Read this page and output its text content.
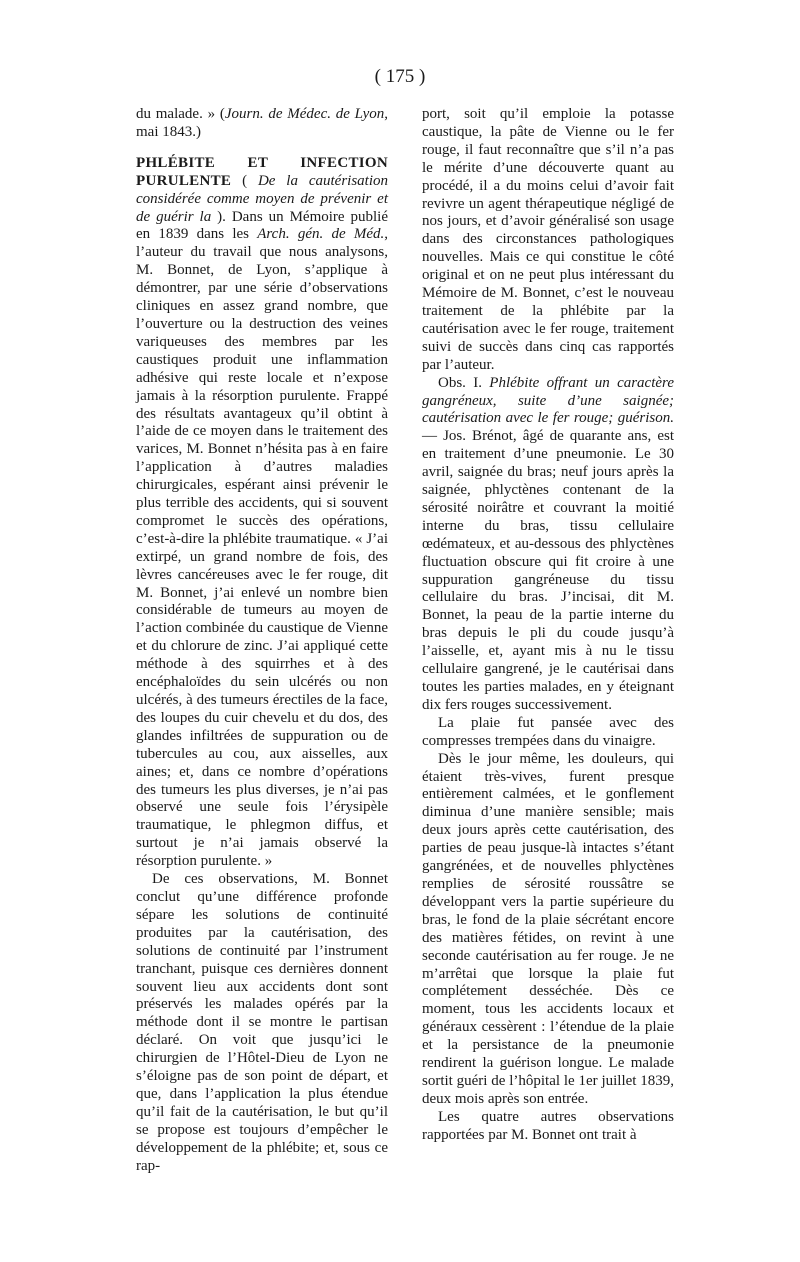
( 175 )

du malade. » (Journ. de Médec. de Lyon, mai 1843.)

PHLÉBITE ET INFECTION PURULENTE ( De la cautérisation considérée comme moyen de prévenir et de guérir la ). Dans un Mémoire publié en 1839 dans les Arch. gén. de Méd., l’auteur du travail que nous analysons, M. Bonnet, de Lyon, s’applique à démontrer, par une série d’observations cliniques en assez grand nombre, que l’ouverture ou la destruction des veines variqueuses des membres par les caustiques produit une inflammation adhésive qui reste locale et n’expose jamais à la résorption purulente. Frappé des résultats avantageux qu’il obtint à l’aide de ce moyen dans le traitement des varices, M. Bonnet n’hésita pas à en faire l’application à d’autres maladies chirurgicales, espérant ainsi prévenir le plus terrible des accidents, qui si souvent compromet le succès des opérations, c’est-à-dire la phlébite traumatique. « J’ai extirpé, un grand nombre de fois, des lèvres cancéreuses avec le fer rouge, dit M. Bonnet, j’ai enlevé un nombre bien considérable de tumeurs au moyen de l’action combinée du caustique de Vienne et du chlorure de zinc. J’ai appliqué cette méthode à des squirrhes et à des encéphaloïdes du sein ulcérés ou non ulcérés, à des tumeurs érectiles de la face, des loupes du cuir chevelu et du dos, des glandes infiltrées de suppuration ou de tubercules au cou, aux aisselles, aux aines; et, dans ce nombre d’opérations des tumeurs les plus diverses, je n’ai pas observé une seule fois l’érysipèle traumatique, le phlegmon diffus, et surtout je n’ai jamais observé la résorption purulente. »

De ces observations, M. Bonnet conclut qu’une différence profonde sépare les solutions de continuité produites par la cautérisation, des solutions de continuité par l’instrument tranchant, puisque ces dernières donnent souvent lieu aux accidents dont sont préservés les malades opérés par la méthode dont il se montre le partisan déclaré. On voit que jusqu’ici le chirurgien de l’Hôtel-Dieu de Lyon ne s’éloigne pas de son point de départ, et que, dans l’application la plus étendue qu’il fait de la cautérisation, le but qu’il se propose est toujours d’empêcher le développement de la phlébite; et, sous ce rap-

port, soit qu’il emploie la potasse caustique, la pâte de Vienne ou le fer rouge, il faut reconnaître que s’il n’a pas le mérite d’une découverte quant au procédé, il a du moins celui d’avoir fait revivre un agent thérapeutique négligé de nos jours, et d’avoir généralisé son usage dans des circonstances pathologiques nouvelles. Mais ce qui constitue le côté original et on ne peut plus intéressant du Mémoire de M. Bonnet, c’est le nouveau traitement de la phlébite par la cautérisation avec le fer rouge, traitement suivi de succès dans cinq cas rapportés par l’auteur.

Obs. I. Phlébite offrant un caractère gangréneux, suite d’une saignée; cautérisation avec le fer rouge; guérison. — Jos. Brénot, âgé de quarante ans, est en traitement d’une pneumonie. Le 30 avril, saignée du bras; neuf jours après la saignée, phlyctènes contenant de la sérosité noirâtre et couvrant la moitié interne du bras, tissu cellulaire œdémateux, et au-dessous des phlyctènes fluctuation obscure qui fit croire à une suppuration gangréneuse du tissu cellulaire du bras. J’incisai, dit M. Bonnet, la peau de la partie interne du bras depuis le pli du coude jusqu’à l’aisselle, et, ayant mis à nu le tissu cellulaire gangrené, je le cautérisai dans toutes les parties malades, en y éteignant dix fers rouges successivement.

La plaie fut pansée avec des compresses trempées dans du vinaigre.

Dès le jour même, les douleurs, qui étaient très-vives, furent presque entièrement calmées, et le gonflement diminua d’une manière sensible; mais deux jours après cette cautérisation, des parties de peau jusque-là intactes s’étant gangrénées, et de nouvelles phlyctènes remplies de sérosité roussâtre se développant vers la partie supérieure du bras, le fond de la plaie sécrétant encore des matières fétides, on revint à une seconde cautérisation au fer rouge. Je ne m’arrêtai que lorsque la plaie fut complétement desséchée. Dès ce moment, tous les accidents locaux et généraux cessèrent : l’étendue de la plaie et la persistance de la pneumonie rendirent la guérison longue. Le malade sortit guéri de l’hôpital le 1er juillet 1839, deux mois après son entrée.

Les quatre autres observations rapportées par M. Bonnet ont trait à
